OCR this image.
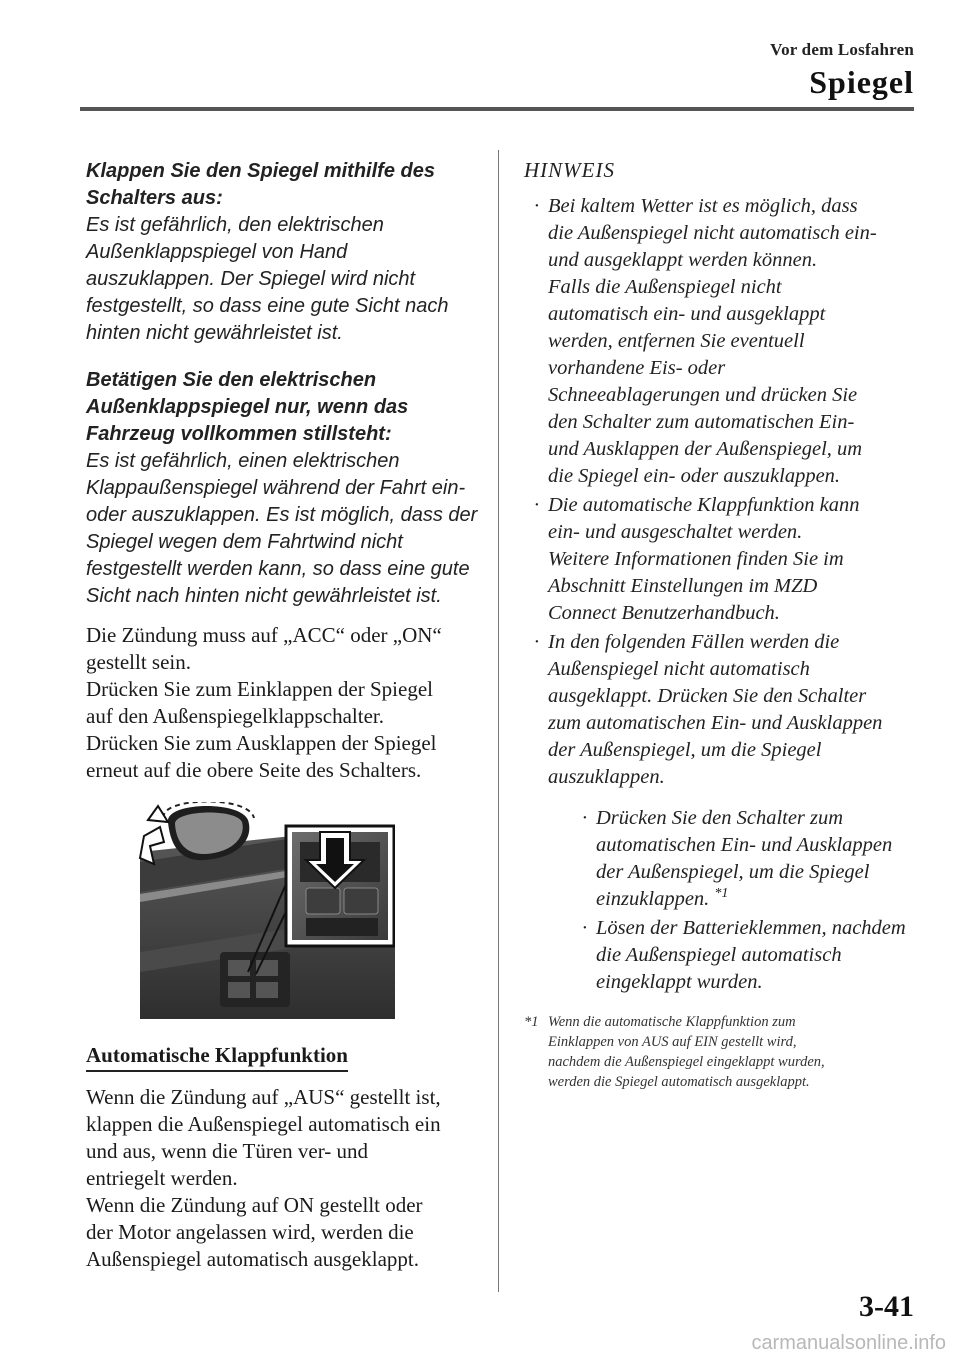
Vor dem Losfahren
Spiegel
Klappen Sie den Spiegel mithilfe des
Schalters aus:
Es ist gefährlich, den elektrischen
Außenklappspiegel von Hand
auszuklappen. Der Spiegel wird nicht
festgestellt, so dass eine gute Sicht nach
hinten nicht gewährleistet ist.
Betätigen Sie den elektrischen
Außenklappspiegel nur, wenn das
Fahrzeug vollkommen stillsteht:
Es ist gefährlich, einen elektrischen
Klappaußenspiegel während der Fahrt ein-
oder auszuklappen. Es ist möglich, dass der
Spiegel wegen dem Fahrtwind nicht
festgestellt werden kann, so dass eine gute
Sicht nach hinten nicht gewährleistet ist.
Die Zündung muss auf „ACC“ oder „ON“
gestellt sein.
Drücken Sie zum Einklappen der Spiegel
auf den Außenspiegelklappschalter.
Drücken Sie zum Ausklappen der Spiegel
erneut auf die obere Seite des Schalters.
Automatische Klappfunktion
Wenn die Zündung auf „AUS“ gestellt ist,
klappen die Außenspiegel automatisch ein
und aus, wenn die Türen ver- und
entriegelt werden.
Wenn die Zündung auf ON gestellt oder
der Motor angelassen wird, werden die
Außenspiegel automatisch ausgeklappt.
HINWEIS
· Bei kaltem Wetter ist es möglich, dass
die Außenspiegel nicht automatisch ein-
und ausgeklappt werden können.
Falls die Außenspiegel nicht
automatisch ein- und ausgeklappt
werden, entfernen Sie eventuell
vorhandene Eis- oder
Schneeablagerungen und drücken Sie
den Schalter zum automatischen Ein-
und Ausklappen der Außenspiegel, um
die Spiegel ein- oder auszuklappen.
· Die automatische Klappfunktion kann
ein- und ausgeschaltet werden.
Weitere Informationen finden Sie im
Abschnitt Einstellungen im MZD
Connect Benutzerhandbuch.
· In den folgenden Fällen werden die
Außenspiegel nicht automatisch
ausgeklappt. Drücken Sie den Schalter
zum automatischen Ein- und Ausklappen
der Außenspiegel, um die Spiegel
auszuklappen.
· Drücken Sie den Schalter zum
automatischen Ein- und Ausklappen
der Außenspiegel, um die Spiegel
einzuklappen. $^{*1}$
· Lösen der Batterieklemmen, nachdem
die Außenspiegel automatisch
eingeklappt wurden.
*1 Wenn die automatische Klappfunktion zum
Einklappen von AUS auf EIN gestellt wird,
nachdem die Außenspiegel eingeklappt wurden,
werden die Spiegel automatisch ausgeklappt.
3-41
carmanualsonline.info
